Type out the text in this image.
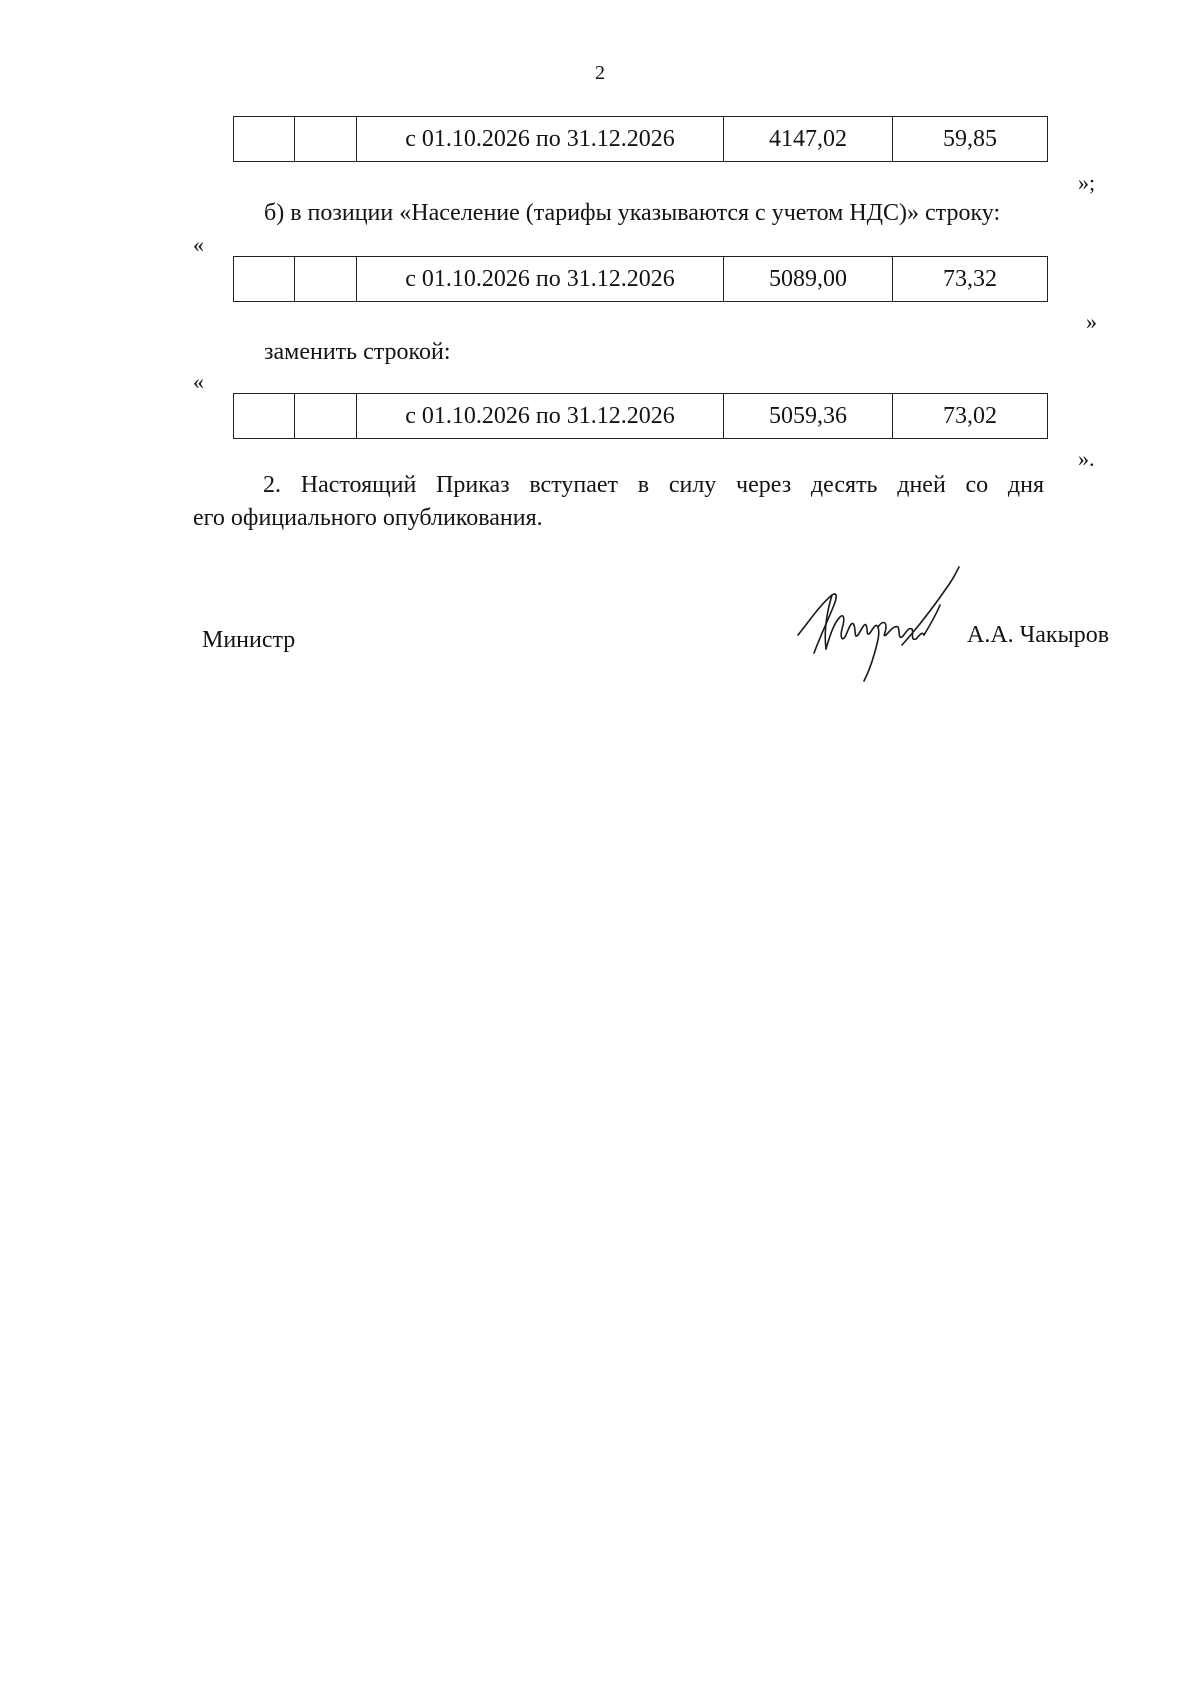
2
		с 01.10.2026 по 31.12.2026	4147,02	59,85
»;
б) в позиции «Население (тарифы указываются с учетом НДС)» строку:
«
		с 01.10.2026 по 31.12.2026	5089,00	73,32
»
заменить строкой:
«
		с 01.10.2026 по 31.12.2026	5059,36	73,02
».
2. Настоящий Приказ вступает в силу через десять дней со дня
его официального опубликования.
Министр	А.А. Чакыров
